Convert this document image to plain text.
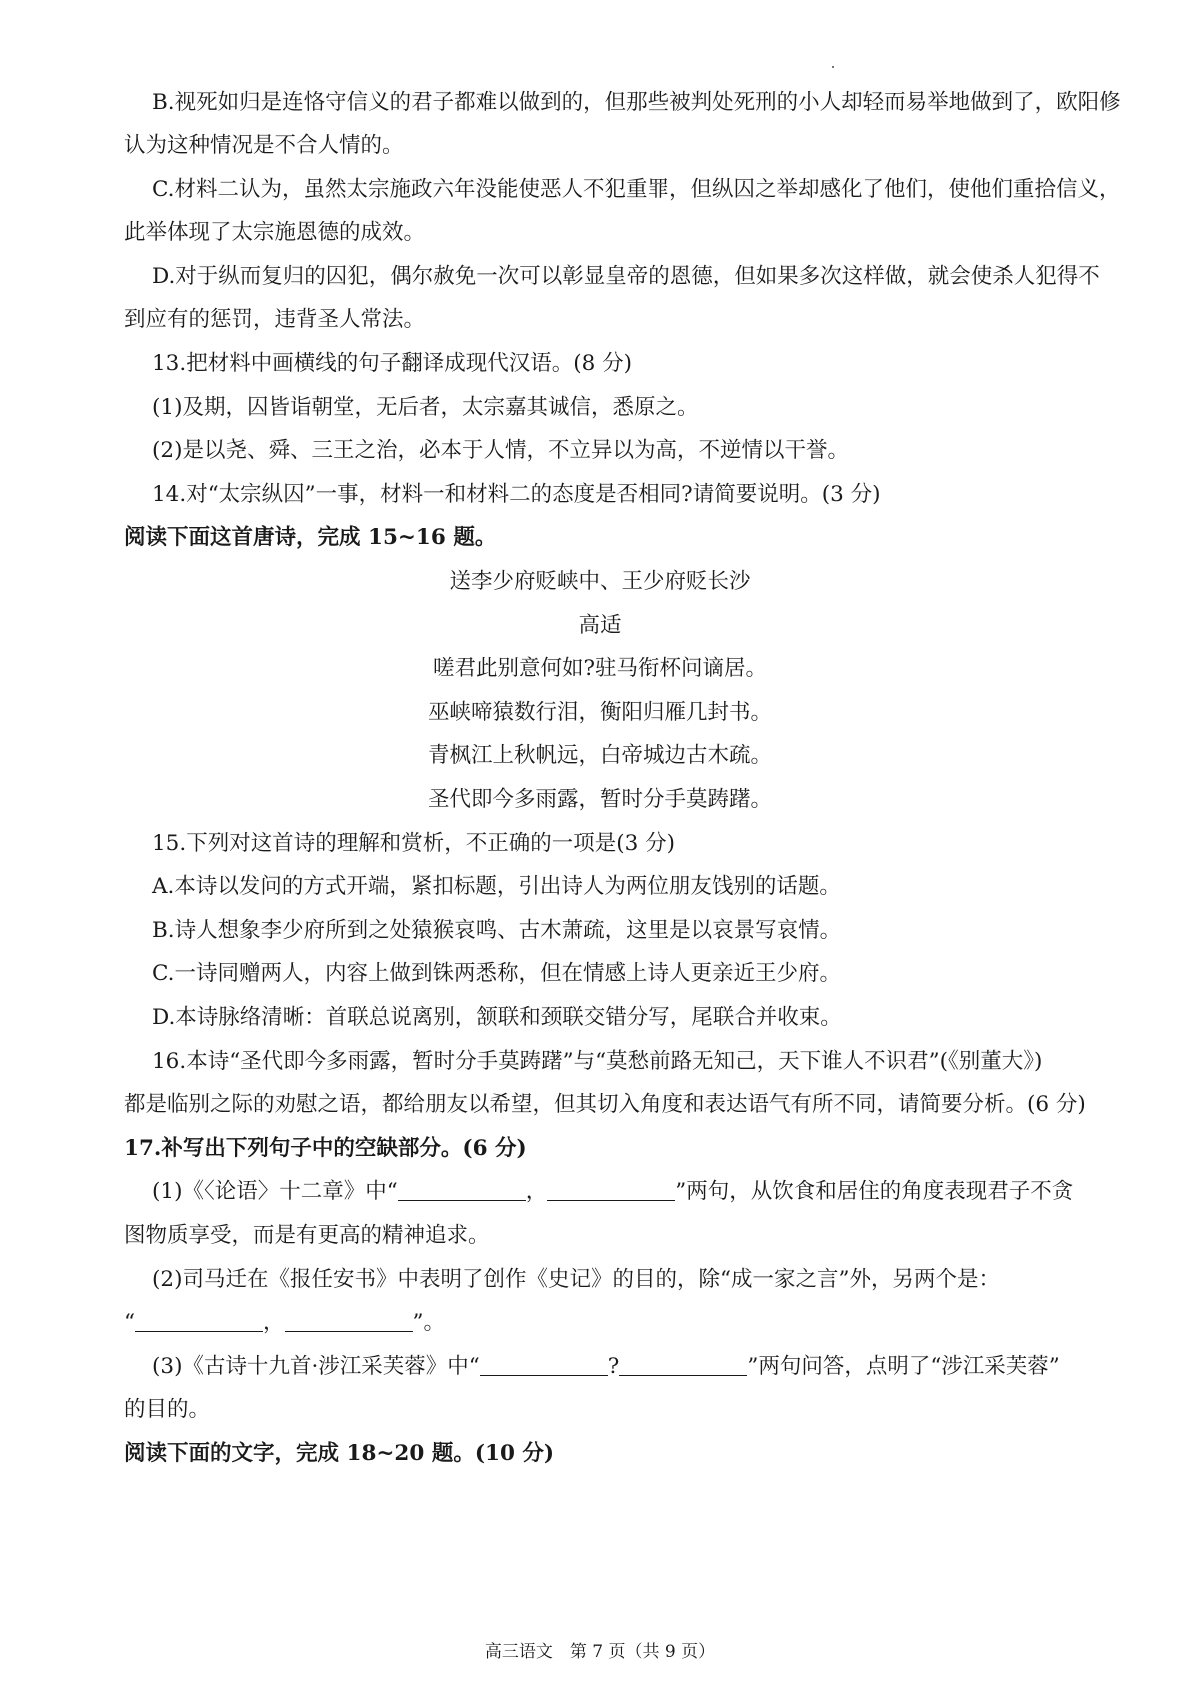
B.视死如归是连恪守信义的君子都难以做到的，但那些被判处死刑的小人却轻而易举地做到了，欧阳修
认为这种情况是不合人情的。
C.材料二认为，虽然太宗施政六年没能使恶人不犯重罪，但纵囚之举却感化了他们，使他们重拾信义，
此举体现了太宗施恩德的成效。
D.对于纵而复归的囚犯，偶尔赦免一次可以彰显皇帝的恩德，但如果多次这样做，就会使杀人犯得不
到应有的惩罚，违背圣人常法。
13.把材料中画横线的句子翻译成现代汉语。(8 分)
(1)及期，囚皆诣朝堂，无后者，太宗嘉其诚信，悉原之。
(2)是以尧、舜、三王之治，必本于人情，不立异以为高，不逆情以干誉。
14.对“太宗纵囚”一事，材料一和材料二的态度是否相同?请简要说明。(3 分)
阅读下面这首唐诗，完成 15~16 题。
送李少府贬峡中、王少府贬长沙
高适
嗟君此别意何如?驻马衔杯问谪居。
巫峡啼猿数行泪，衡阳归雁几封书。
青枫江上秋帆远，白帝城边古木疏。
圣代即今多雨露，暂时分手莫踌躇。
15.下列对这首诗的理解和赏析，不正确的一项是(3 分)
A.本诗以发问的方式开端，紧扣标题，引出诗人为两位朋友饯别的话题。
B.诗人想象李少府所到之处猿猴哀鸣、古木萧疏，这里是以哀景写哀情。
C.一诗同赠两人，内容上做到铢两悉称，但在情感上诗人更亲近王少府。
D.本诗脉络清晰：首联总说离别，颔联和颈联交错分写，尾联合并收束。
16.本诗“圣代即今多雨露，暂时分手莫踌躇”与“莫愁前路无知己，天下谁人不识君”(《别董大》)
都是临别之际的劝慰之语，都给朋友以希望，但其切入角度和表达语气有所不同，请简要分析。(6 分)
17.补写出下列句子中的空缺部分。(6 分)
(1)《〈论语〉十二章》中“	，	”两句，从饮食和居住的角度表现君子不贪
图物质享受，而是有更高的精神追求。
(2)司马迁在《报任安书》中表明了创作《史记》的目的，除“成一家之言”外，另两个是：
“	，	”。
(3)《古诗十九首·涉江采芙蓉》中“	?	”两句问答，点明了“涉江采芙蓉”
的目的。
阅读下面的文字，完成 18~20 题。(10 分)
高三语文　第 7 页（共 9 页）
